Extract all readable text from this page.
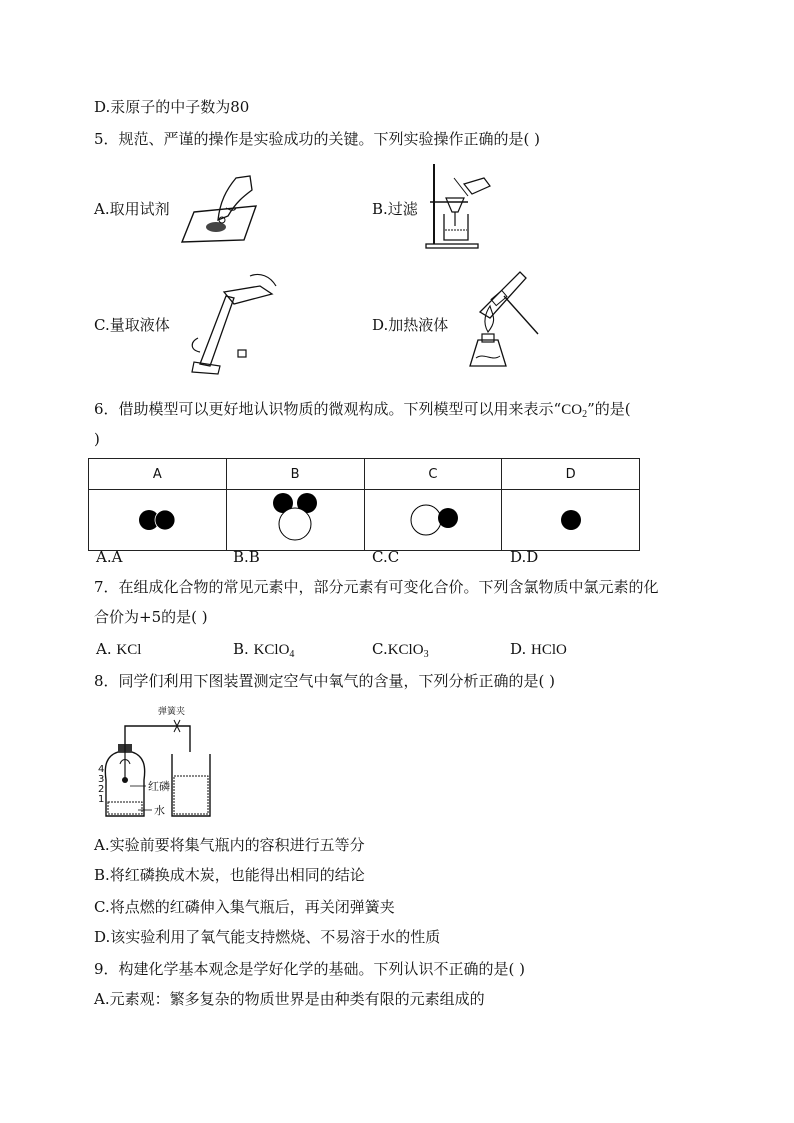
D.汞原子的中子数为80
5．规范、严谨的操作是实验成功的关键。下列实验操作正确的是( )
A.取用试剂	B.过滤
C.量取液体	D.加热液体
6．借助模型可以更好地认识物质的微观构成。下列模型可以用来表示“$CO_2$”的是(
)
A	B	C	D

A.A	B.B	C.C	D.D
7．在组成化合物的常见元素中，部分元素有可变化合价。下列含氯物质中氯元素的化
合价为+5的是( )
A. KCl	B. KClO$_4$	C.KClO$_3$	D. HClO
8．同学们利用下图装置测定空气中氧气的含量，下列分析正确的是( )
弹簧夹
红磷
水
4
3
2
1
A.实验前要将集气瓶内的容积进行五等分
B.将红磷换成木炭，也能得出相同的结论
C.将点燃的红磷伸入集气瓶后，再关闭弹簧夹
D.该实验利用了氧气能支持燃烧、不易溶于水的性质
9．构建化学基本观念是学好化学的基础。下列认识不正确的是( )
A.元素观：繁多复杂的物质世界是由种类有限的元素组成的
